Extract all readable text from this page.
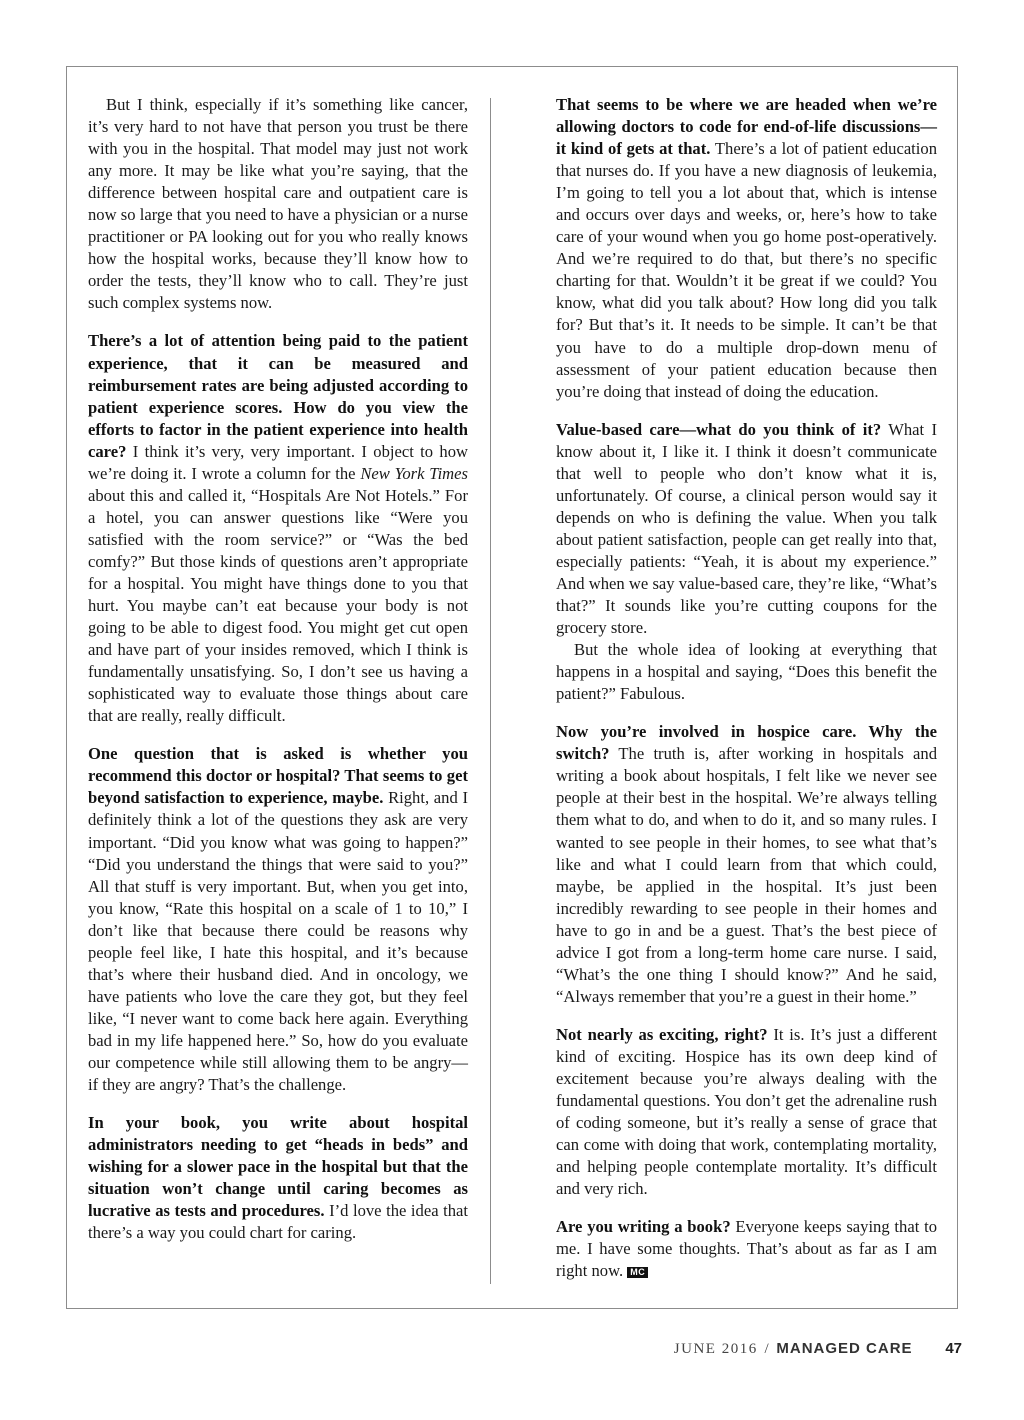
But I think, especially if it’s something like cancer, it’s very hard to not have that person you trust be there with you in the hospital. That model may just not work any more. It may be like what you’re saying, that the difference between hospital care and outpatient care is now so large that you need to have a physician or a nurse practitioner or PA looking out for you who really knows how the hospital works, because they’ll know how to order the tests, they’ll know who to call. They’re just such complex systems now.

There’s a lot of attention being paid to the patient experience, that it can be measured and reimbursement rates are being adjusted according to patient experience scores. How do you view the efforts to factor in the patient experience into health care? I think it’s very, very important. I object to how we’re doing it. I wrote a column for the New York Times about this and called it, “Hospitals Are Not Hotels.” For a hotel, you can answer questions like “Were you satisfied with the room service?” or “Was the bed comfy?” But those kinds of questions aren’t appropriate for a hospital. You might have things done to you that hurt. You maybe can’t eat because your body is not going to be able to digest food. You might get cut open and have part of your insides removed, which I think is fundamentally unsatisfying. So, I don’t see us having a sophisticated way to evaluate those things about care that are really, really difficult.

One question that is asked is whether you recommend this doctor or hospital? That seems to get beyond satisfaction to experience, maybe. Right, and I definitely think a lot of the questions they ask are very important. “Did you know what was going to happen?” “Did you understand the things that were said to you?” All that stuff is very important. But, when you get into, you know, “Rate this hospital on a scale of 1 to 10,” I don’t like that because there could be reasons why people feel like, I hate this hospital, and it’s because that’s where their husband died. And in oncology, we have patients who love the care they got, but they feel like, “I never want to come back here again. Everything bad in my life happened here.” So, how do you evaluate our competence while still allowing them to be angry—if they are angry? That’s the challenge.

In your book, you write about hospital administrators needing to get “heads in beds” and wishing for a slower pace in the hospital but that the situation won’t change until caring becomes as lucrative as tests and procedures. I’d love the idea that there’s a way you could chart for caring.

That seems to be where we are headed when we’re allowing doctors to code for end-of-life discussions—it kind of gets at that. There’s a lot of patient education that nurses do. If you have a new diagnosis of leukemia, I’m going to tell you a lot about that, which is intense and occurs over days and weeks, or, here’s how to take care of your wound when you go home post-operatively. And we’re required to do that, but there’s no specific charting for that. Wouldn’t it be great if we could? You know, what did you talk about? How long did you talk for? But that’s it. It needs to be simple. It can’t be that you have to do a multiple drop-down menu of assessment of your patient education because then you’re doing that instead of doing the education.

Value-based care—what do you think of it? What I know about it, I like it. I think it doesn’t communicate that well to people who don’t know what it is, unfortunately. Of course, a clinical person would say it depends on who is defining the value. When you talk about patient satisfaction, people can get really into that, especially patients: “Yeah, it is about my experience.” And when we say value-based care, they’re like, “What’s that?” It sounds like you’re cutting coupons for the grocery store.

But the whole idea of looking at everything that happens in a hospital and saying, “Does this benefit the patient?” Fabulous.

Now you’re involved in hospice care. Why the switch? The truth is, after working in hospitals and writing a book about hospitals, I felt like we never see people at their best in the hospital. We’re always telling them what to do, and when to do it, and so many rules. I wanted to see people in their homes, to see what that’s like and what I could learn from that which could, maybe, be applied in the hospital. It’s just been incredibly rewarding to see people in their homes and have to go in and be a guest. That’s the best piece of advice I got from a long-term home care nurse. I said, “What’s the one thing I should know?” And he said, “Always remember that you’re a guest in their home.”

Not nearly as exciting, right? It is. It’s just a different kind of exciting. Hospice has its own deep kind of excitement because you’re always dealing with the fundamental questions. You don’t get the adrenaline rush of coding someone, but it’s really a sense of grace that can come with doing that work, contemplating mortality, and helping people contemplate mortality. It’s difficult and very rich.

Are you writing a book? Everyone keeps saying that to me. I have some thoughts. That’s about as far as I am right now. MC

JUNE 2016 / MANAGED CARE 47
